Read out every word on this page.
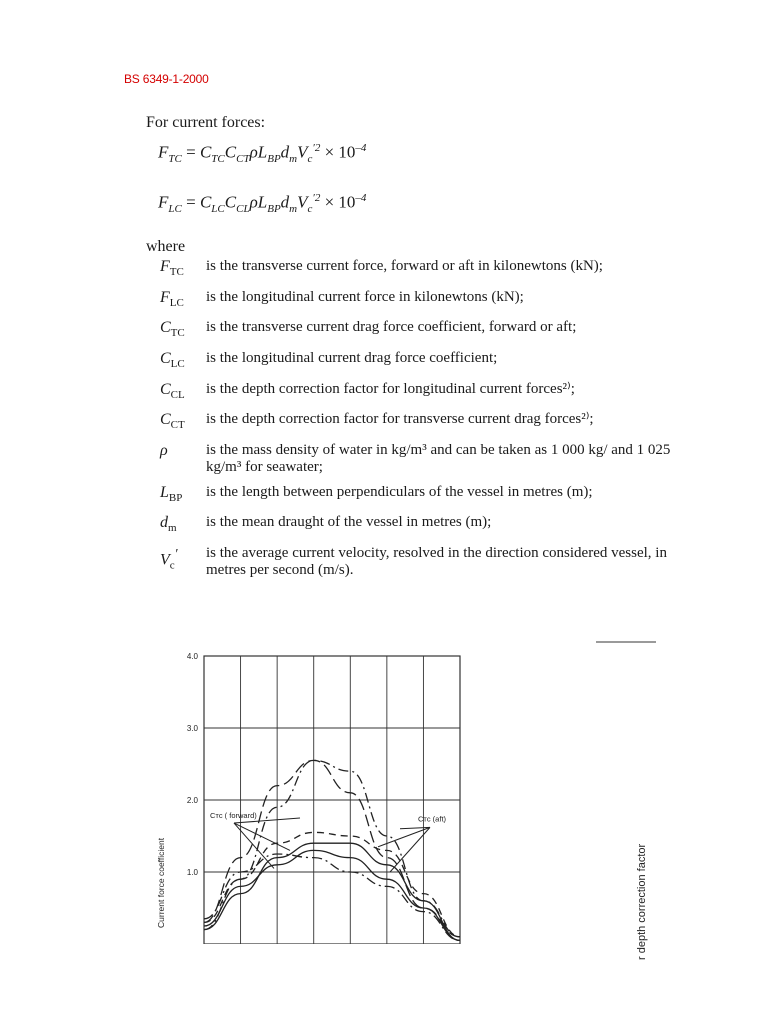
BS 6349-1-2000
For current forces:
$F_{TC} = C_{TC}C_{CT}\rho L_{BP}d_mV_c^{'2} \times 10^{-4}$
$F_{LC} = C_{LC}C_{CL}\rho L_{BP}d_mV_c^{'2} \times 10^{-4}$
where
$F_{TC}$	is the transverse current force, forward or aft in kilonewtons (kN);
$F_{LC}$	is the longitudinal current force in kilonewtons (kN);
$C_{TC}$	is the transverse current drag force coefficient, forward or aft;
$C_{LC}$	is the longitudinal current drag force coefficient;
$C_{CL}$	is the depth correction factor for longitudinal current forces²⁾;
$C_{CT}$	is the depth correction factor for transverse current drag forces²⁾;
ρ	is the mass density of water in kg/m³ and can be taken as 1 000 kg/ and 1 025 kg/m³ for seawater;
$L_{BP}$	is the length between perpendiculars of the vessel in metres (m);
$d_m$	is the mean draught of the vessel in metres (m);
$V_c'$	is the average current velocity, resolved in the direction considered vessel, in metres per second (m/s).
4.0
3.0
2.0
1.0
Cᴛᴄ ( forward)	Cᴛᴄ (aft)
Current force coefficient	r depth correction factor
